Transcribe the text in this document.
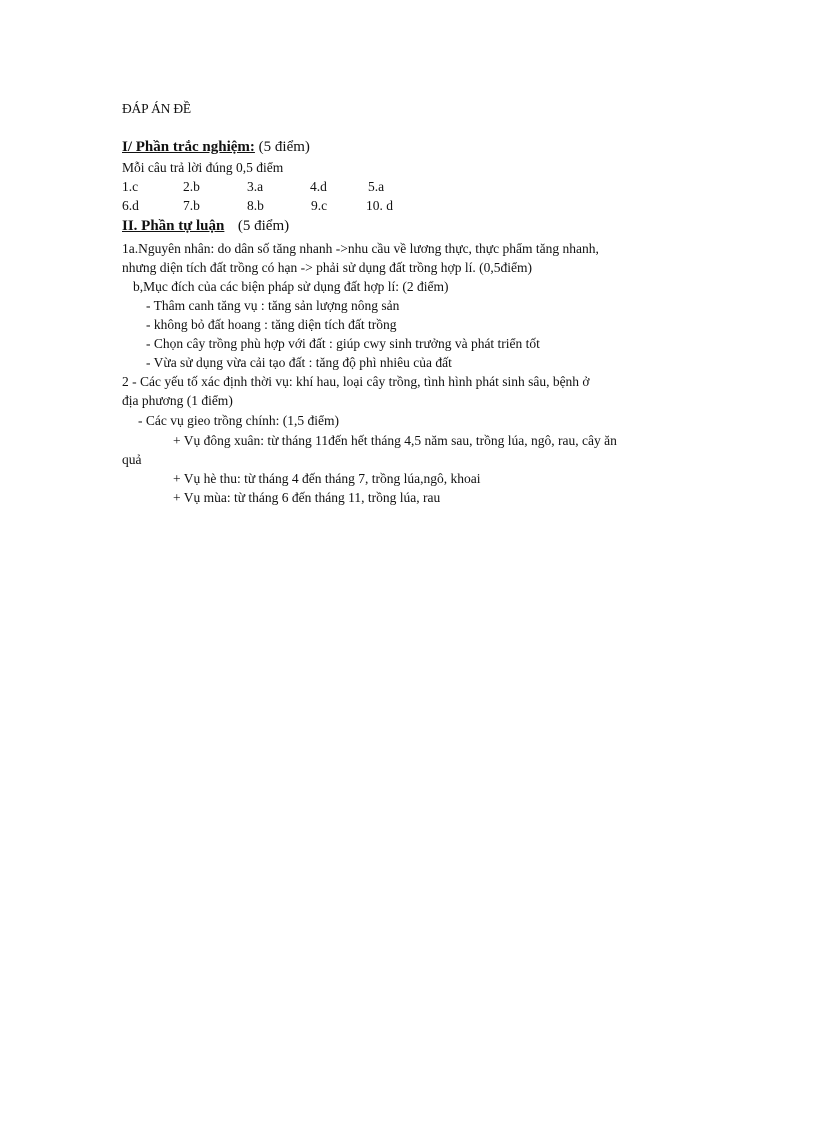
ĐÁP ÁN ĐỀ
I/ Phần trắc nghiệm: (5 điểm)
Mỗi câu trả lời đúng 0,5 điểm
1.c	2.b	3.a	4.d	5.a
6.d	7.b	8.b	9.c	10. d
II. Phần tự luận (5 điểm)
1a.Nguyên nhân: do dân số tăng nhanh ->nhu cầu về lương thực, thực phẩm tăng nhanh,
nhưng diện tích đất trồng có hạn -> phải sử dụng đất trồng hợp lí. (0,5điểm)
b,Mục đích của các biện pháp sử dụng đất hợp lí: (2 điểm)
- Thâm canh tăng vụ : tăng sản lượng nông sản
- không bỏ đất hoang : tăng diện tích đất trồng
- Chọn cây trồng phù hợp với đất : giúp cwy sinh trưởng và phát triển tốt
- Vừa sử dụng vừa cải tạo đất : tăng độ phì nhiêu của đất
2 - Các yếu tố xác định thời vụ: khí hau, loại cây trồng, tình hình phát sinh sâu, bệnh ở
địa phương (1 điểm)
- Các vụ gieo trồng chính: (1,5 điểm)
+ Vụ đông xuân: từ tháng 11đến hết tháng 4,5 năm sau, trồng lúa, ngô, rau, cây ăn
quả
+ Vụ hè thu: từ tháng 4 đến tháng 7, trồng lúa,ngô, khoai
+ Vụ mùa: từ tháng 6 đến tháng 11, trồng lúa, rau
